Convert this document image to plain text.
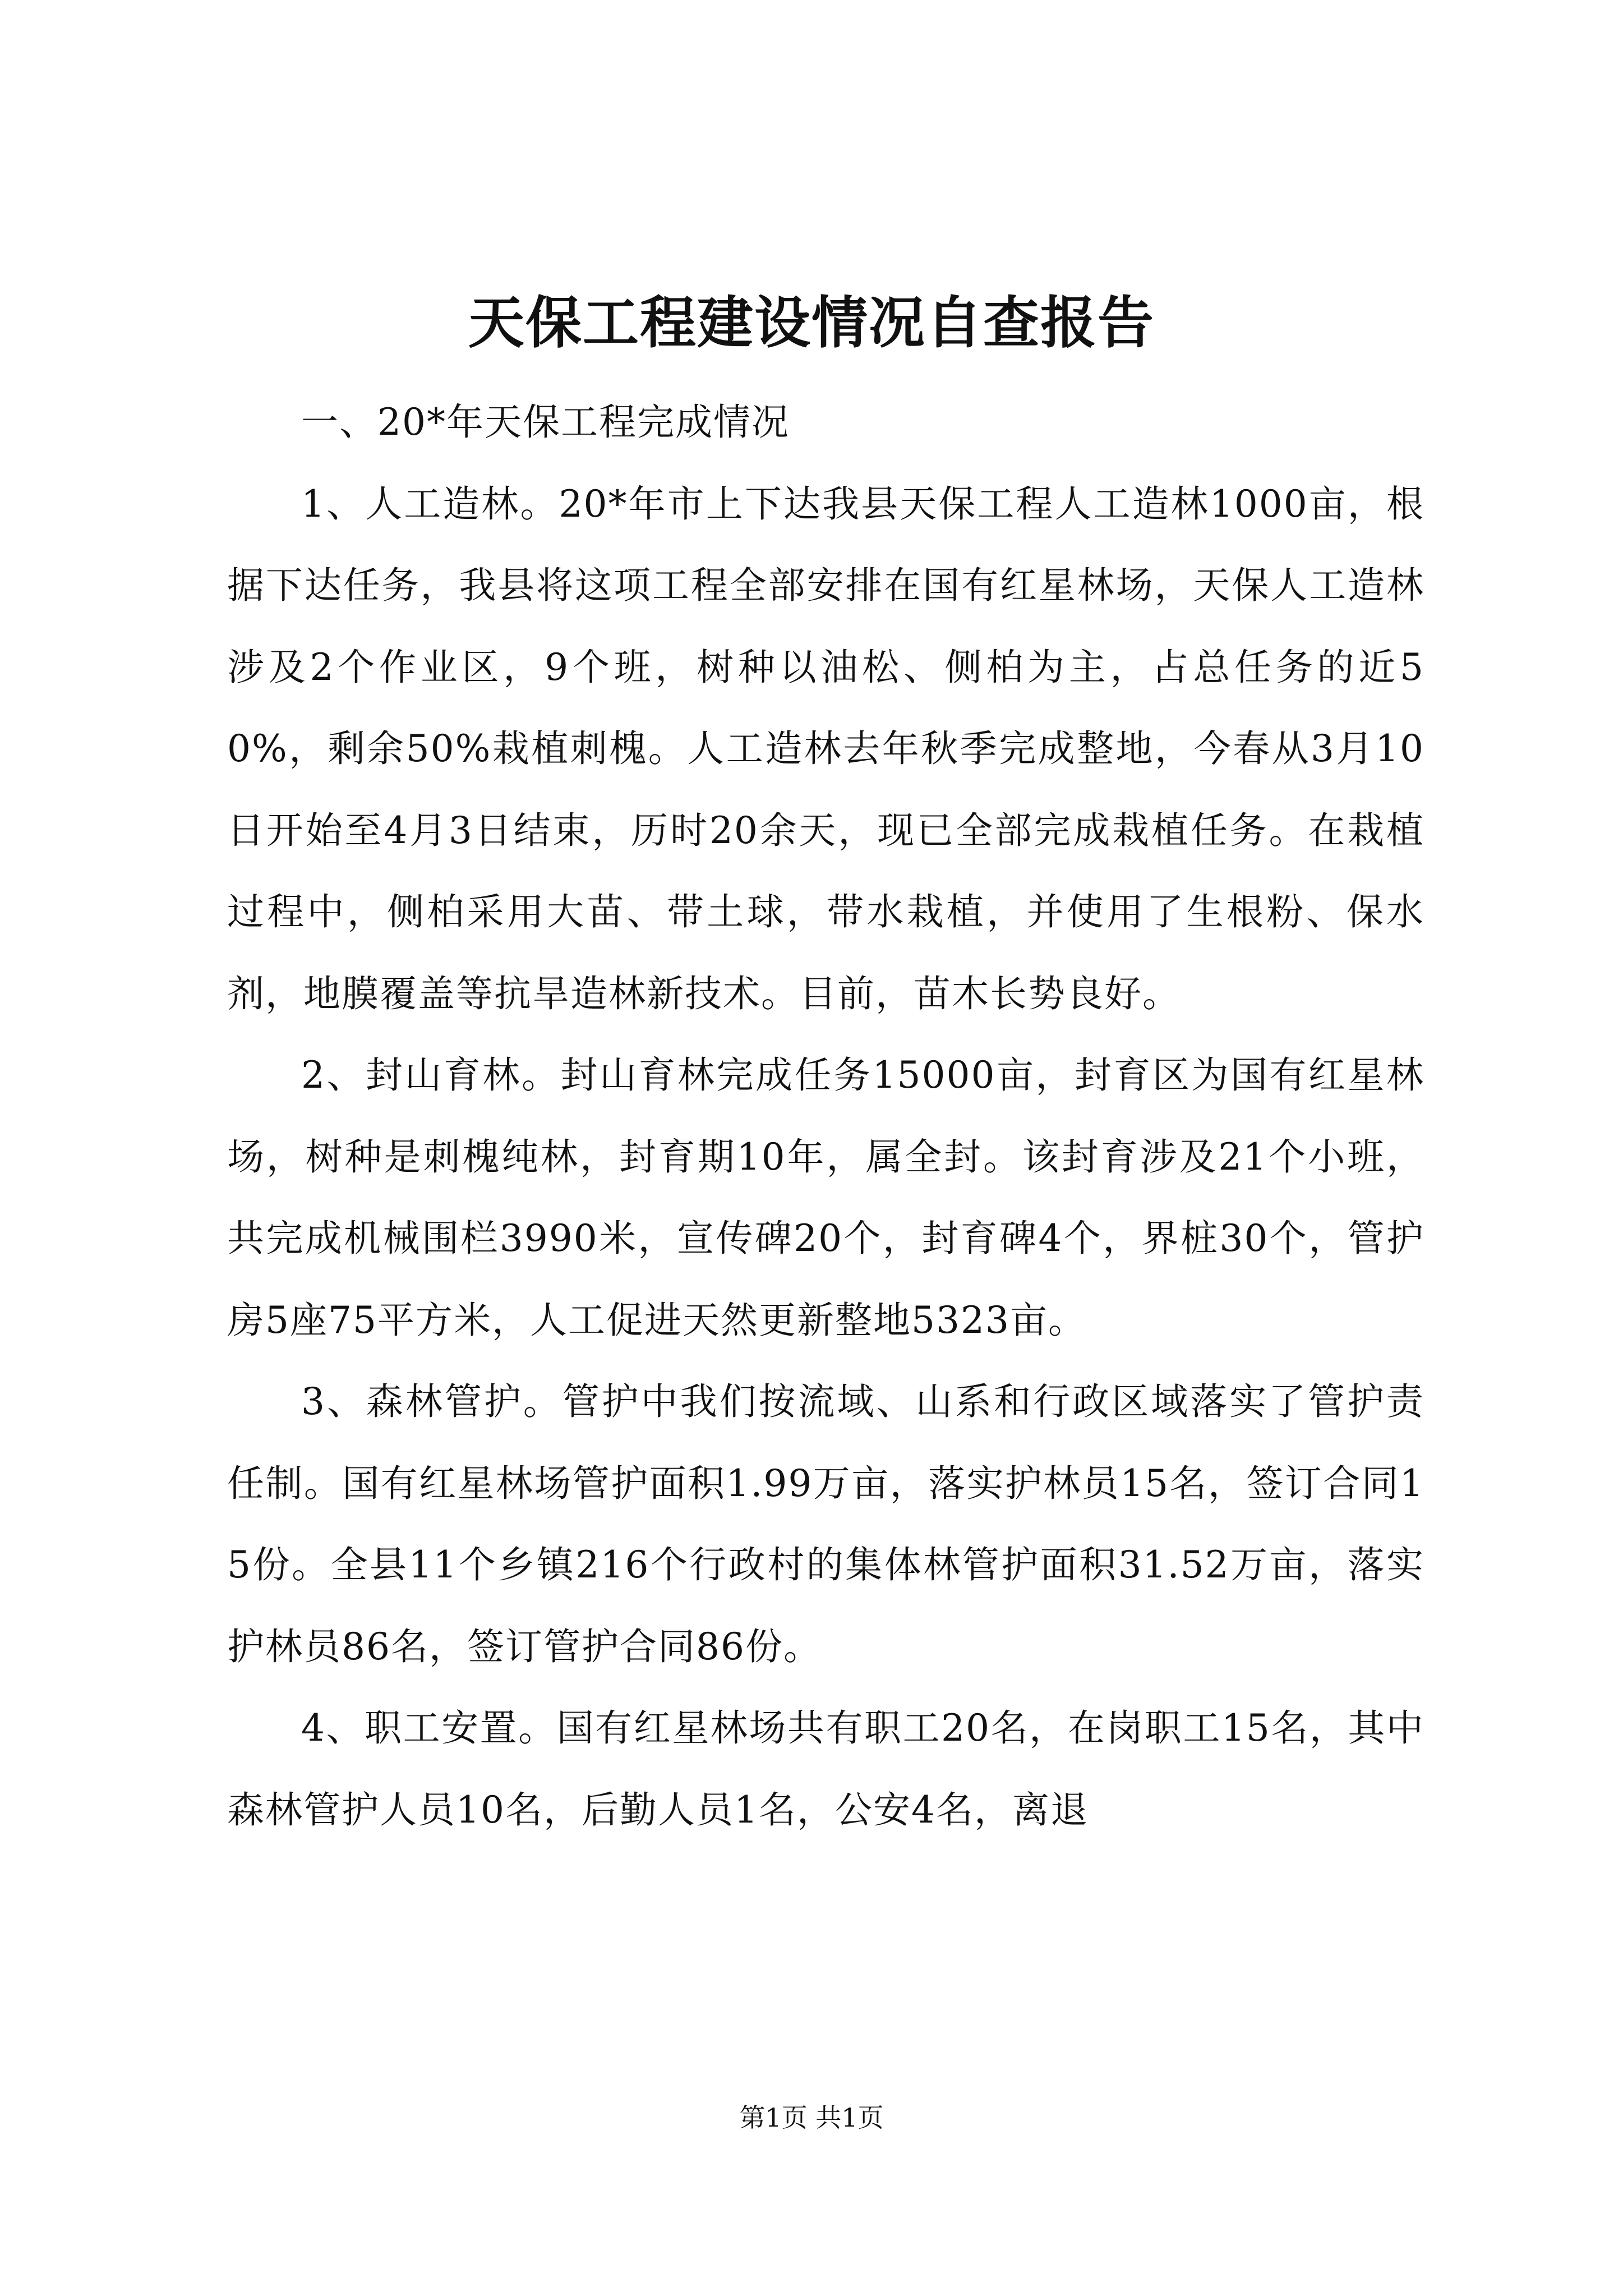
天保工程建设情况自查报告

一、20*年天保工程完成情况

1、人工造林。20*年市上下达我县天保工程人工造林1000亩，根据下达任务，我县将这项工程全部安排在国有红星林场，天保人工造林涉及2个作业区，9个班，树种以油松、侧柏为主，占总任务的近50%，剩余50%栽植刺槐。人工造林去年秋季完成整地，今春从3月10日开始至4月3日结束，历时20余天，现已全部完成栽植任务。在栽植过程中，侧柏采用大苗、带土球，带水栽植，并使用了生根粉、保水剂，地膜覆盖等抗旱造林新技术。目前，苗木长势良好。

2、封山育林。封山育林完成任务15000亩，封育区为国有红星林场，树种是刺槐纯林，封育期10年，属全封。该封育涉及21个小班，共完成机械围栏3990米，宣传碑20个，封育碑4个，界桩30个，管护房5座75平方米，人工促进天然更新整地5323亩。

3、森林管护。管护中我们按流域、山系和行政区域落实了管护责任制。国有红星林场管护面积1.99万亩，落实护林员15名，签订合同15份。全县11个乡镇216个行政村的集体林管护面积31.52万亩，落实护林员86名，签订管护合同86份。

4、职工安置。国有红星林场共有职工20名，在岗职工15名，其中森林管护人员10名，后勤人员1名，公安4名，离退

第1页 共1页
